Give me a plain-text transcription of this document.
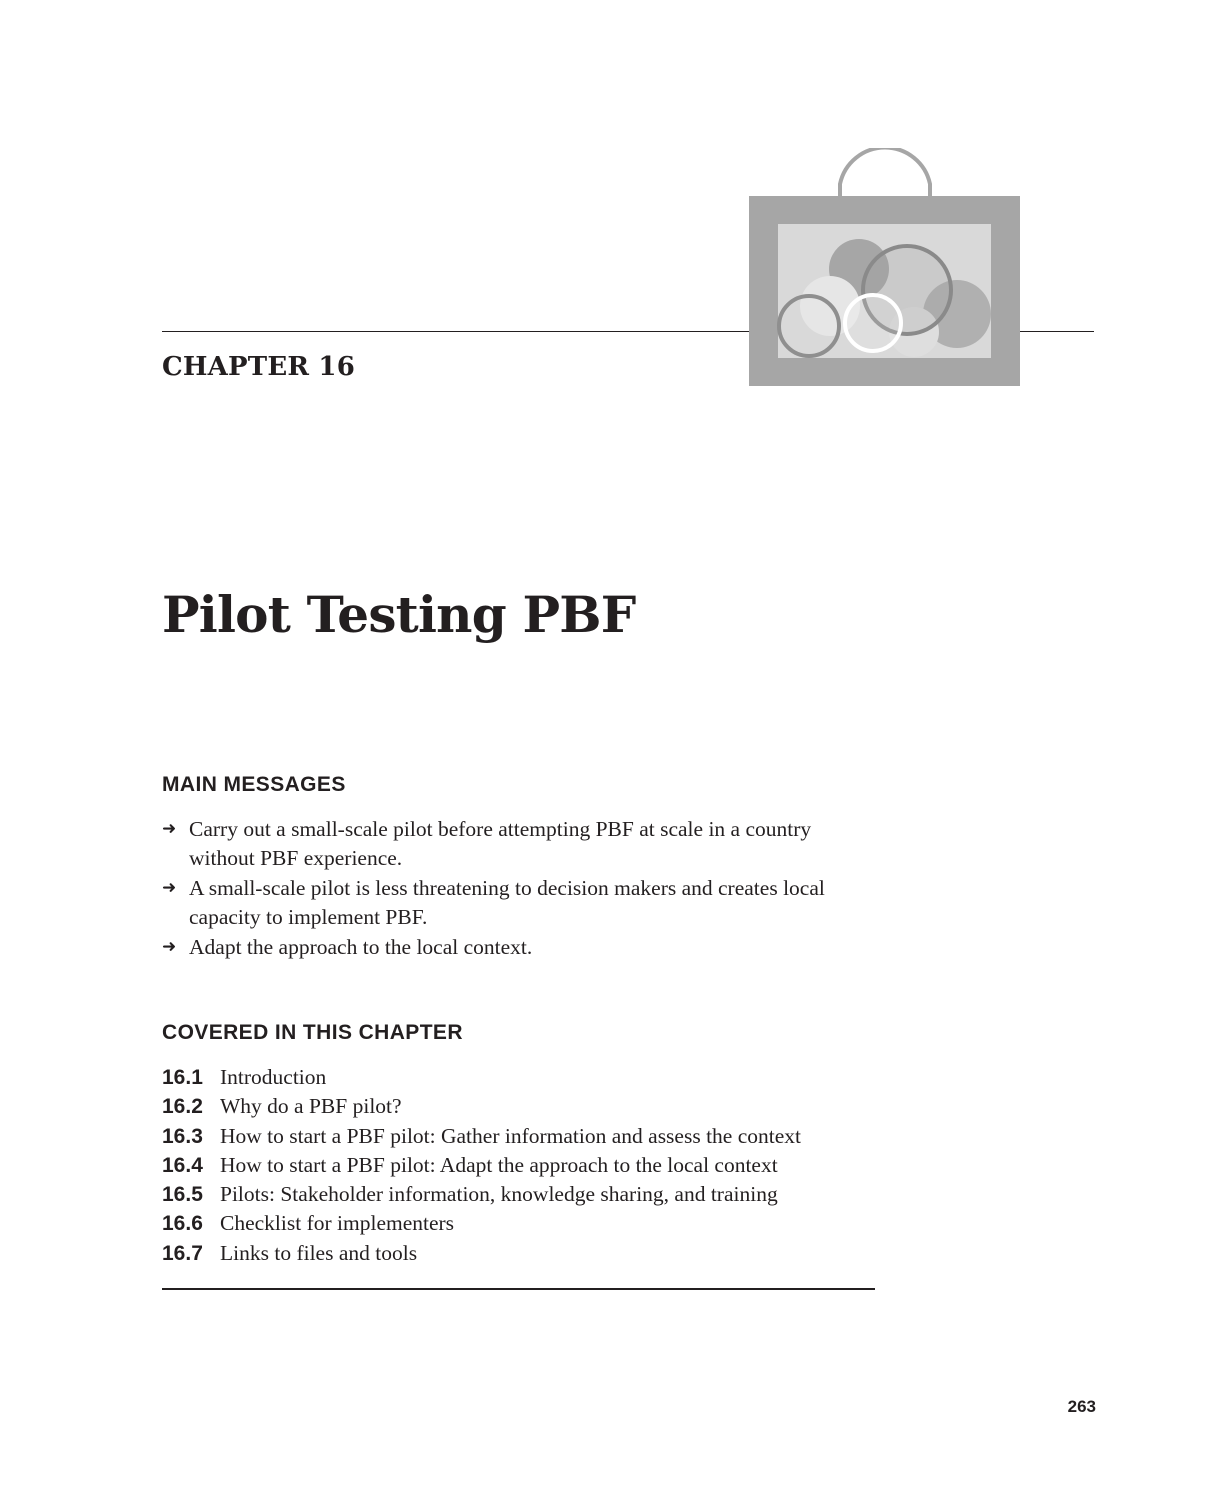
CHAPTER 16
Pilot Testing PBF
MAIN MESSAGES
➜ Carry out a small-scale pilot before attempting PBF at scale in a country without PBF experience.
➜ A small-scale pilot is less threatening to decision makers and creates local capacity to implement PBF.
➜ Adapt the approach to the local context.
COVERED IN THIS CHAPTER
16.1 Introduction
16.2 Why do a PBF pilot?
16.3 How to start a PBF pilot: Gather information and assess the context
16.4 How to start a PBF pilot: Adapt the approach to the local context
16.5 Pilots: Stakeholder information, knowledge sharing, and training
16.6 Checklist for implementers
16.7 Links to files and tools
263
